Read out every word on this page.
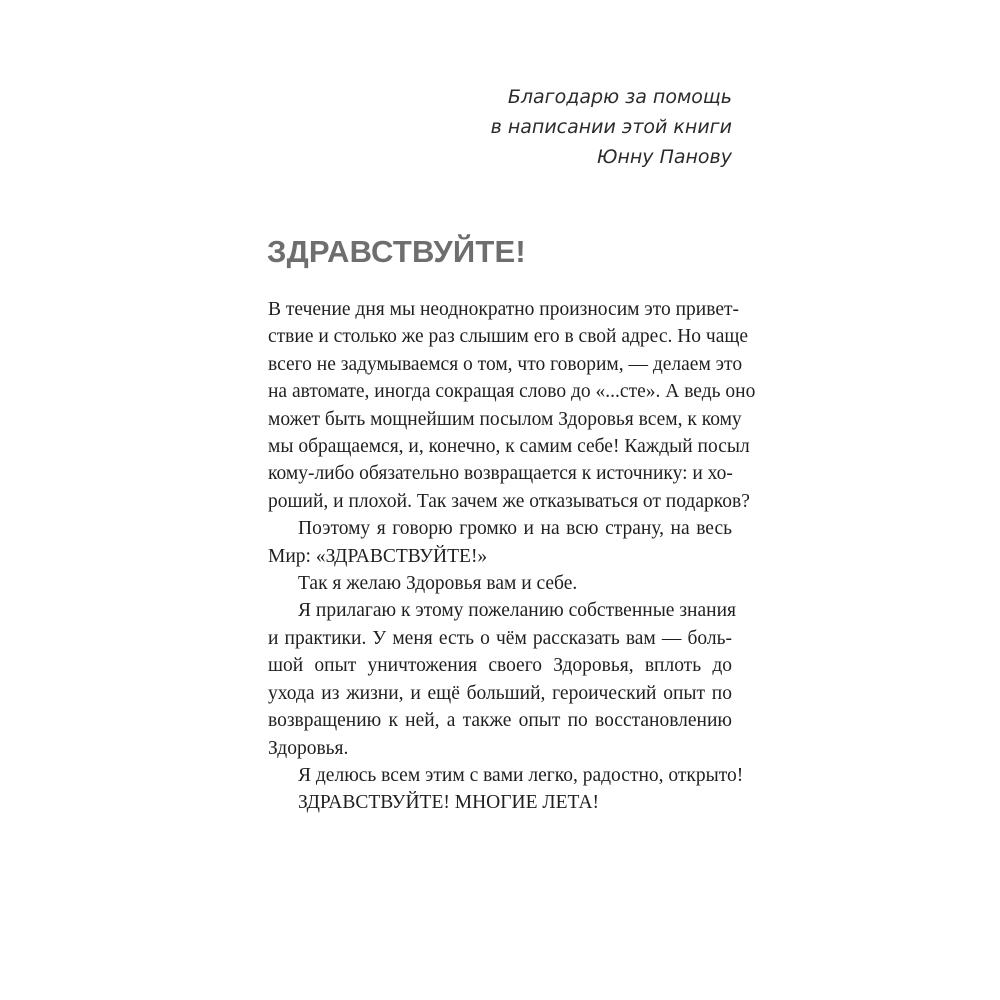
Благодарю за помощь
в написании этой книги
Юнну Панову
ЗДРАВСТВУЙТЕ!
В течение дня мы неоднократно произносим это привет-
ствие и столько же раз слышим его в свой адрес. Но чаще
всего не задумываемся о том, что говорим, — делаем это
на автомате, иногда сокращая слово до «...сте». А ведь оно
может быть мощнейшим посылом Здоровья всем, к кому
мы обращаемся, и, конечно, к самим себе! Каждый посыл
кому-либо обязательно возвращается к источнику: и хо-
роший, и плохой. Так зачем же отказываться от подарков?
Поэтому я говорю громко и на всю страну, на весь
Мир: «ЗДРАВСТВУЙТЕ!»
Так я желаю Здоровья вам и себе.
Я прилагаю к этому пожеланию собственные знания
и практики. У меня есть о чём рассказать вам — боль-
шой опыт уничтожения своего Здоровья, вплоть до
ухода из жизни, и ещё больший, героический опыт по
возвращению к ней, а также опыт по восстановлению
Здоровья.
Я делюсь всем этим с вами легко, радостно, открыто!
ЗДРАВСТВУЙТЕ! МНОГИЕ ЛЕТА!
